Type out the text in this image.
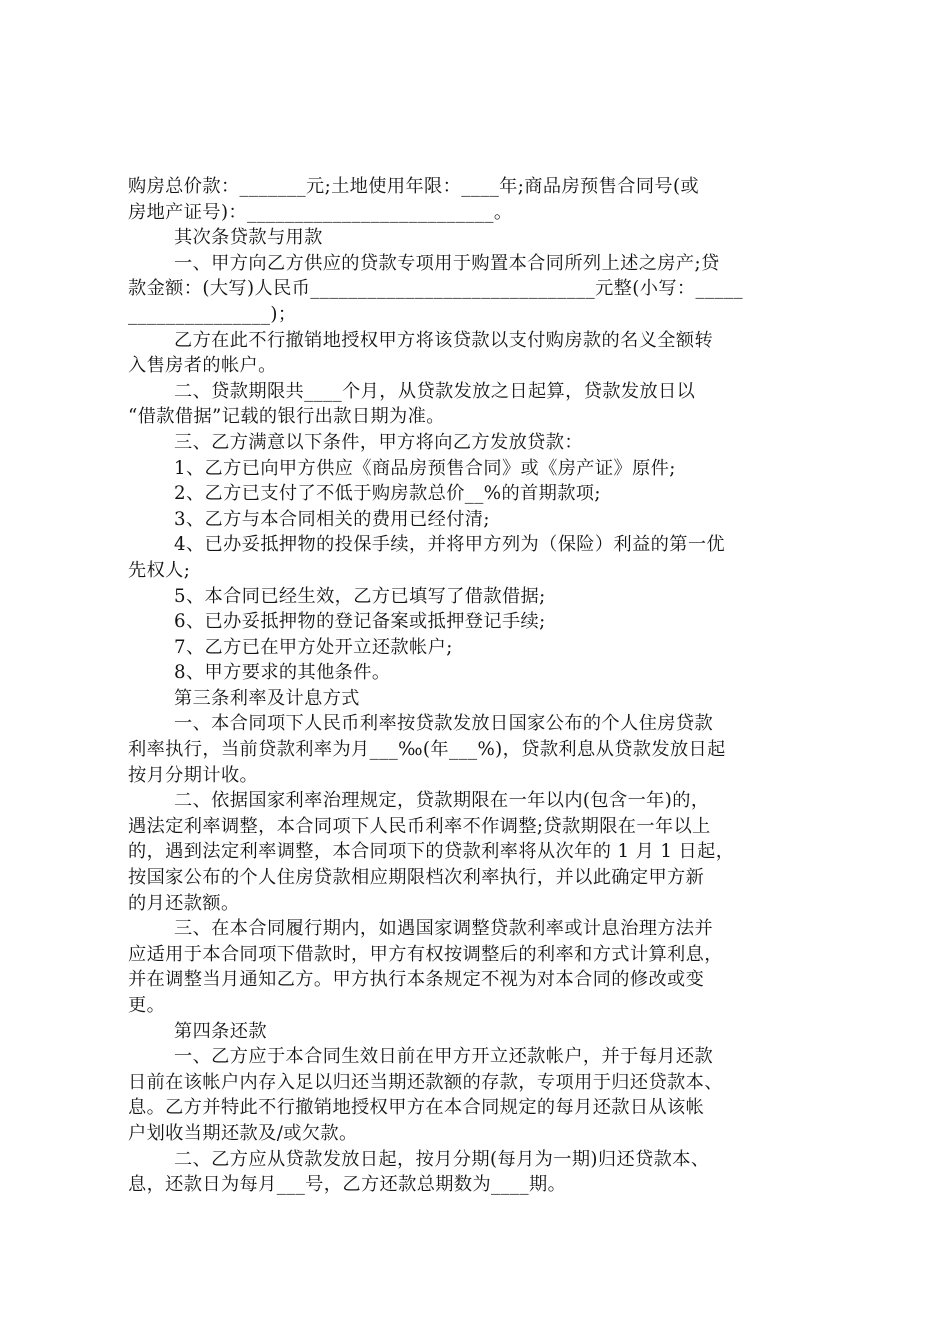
购房总价款：_______元;土地使用年限：____年;商品房预售合同号(或
房地产证号)：__________________________。
其次条贷款与用款
一、甲方向乙方供应的贷款专项用于购置本合同所列上述之房产;贷
款金额：(大写)人民币______________________________元整(小写：_____
_______________)；
乙方在此不行撤销地授权甲方将该贷款以支付购房款的名义全额转
入售房者的帐户。
二、贷款期限共____个月，从贷款发放之日起算，贷款发放日以
“借款借据”记载的银行出款日期为准。
三、乙方满意以下条件，甲方将向乙方发放贷款：
1、乙方已向甲方供应《商品房预售合同》或《房产证》原件;
2、乙方已支付了不低于购房款总价__%的首期款项;
3、乙方与本合同相关的费用已经付清;
4、已办妥抵押物的投保手续，并将甲方列为（保险）利益的第一优
先权人;
5、本合同已经生效，乙方已填写了借款借据;
6、已办妥抵押物的登记备案或抵押登记手续;
7、乙方已在甲方处开立还款帐户;
8、甲方要求的其他条件。
第三条利率及计息方式
一、本合同项下人民币利率按贷款发放日国家公布的个人住房贷款
利率执行，当前贷款利率为月___‰(年___%)，贷款利息从贷款发放日起
按月分期计收。
二、依据国家利率治理规定，贷款期限在一年以内(包含一年)的，
遇法定利率调整，本合同项下人民币利率不作调整;贷款期限在一年以上
的，遇到法定利率调整，本合同项下的贷款利率将从次年的 1 月 1 日起，
按国家公布的个人住房贷款相应期限档次利率执行，并以此确定甲方新
的月还款额。
三、在本合同履行期内，如遇国家调整贷款利率或计息治理方法并
应适用于本合同项下借款时，甲方有权按调整后的利率和方式计算利息，
并在调整当月通知乙方。甲方执行本条规定不视为对本合同的修改或变
更。
第四条还款
一、乙方应于本合同生效日前在甲方开立还款帐户，并于每月还款
日前在该帐户内存入足以归还当期还款额的存款，专项用于归还贷款本、
息。乙方并特此不行撤销地授权甲方在本合同规定的每月还款日从该帐
户划收当期还款及/或欠款。
二、乙方应从贷款发放日起，按月分期(每月为一期)归还贷款本、
息，还款日为每月___号，乙方还款总期数为____期。
